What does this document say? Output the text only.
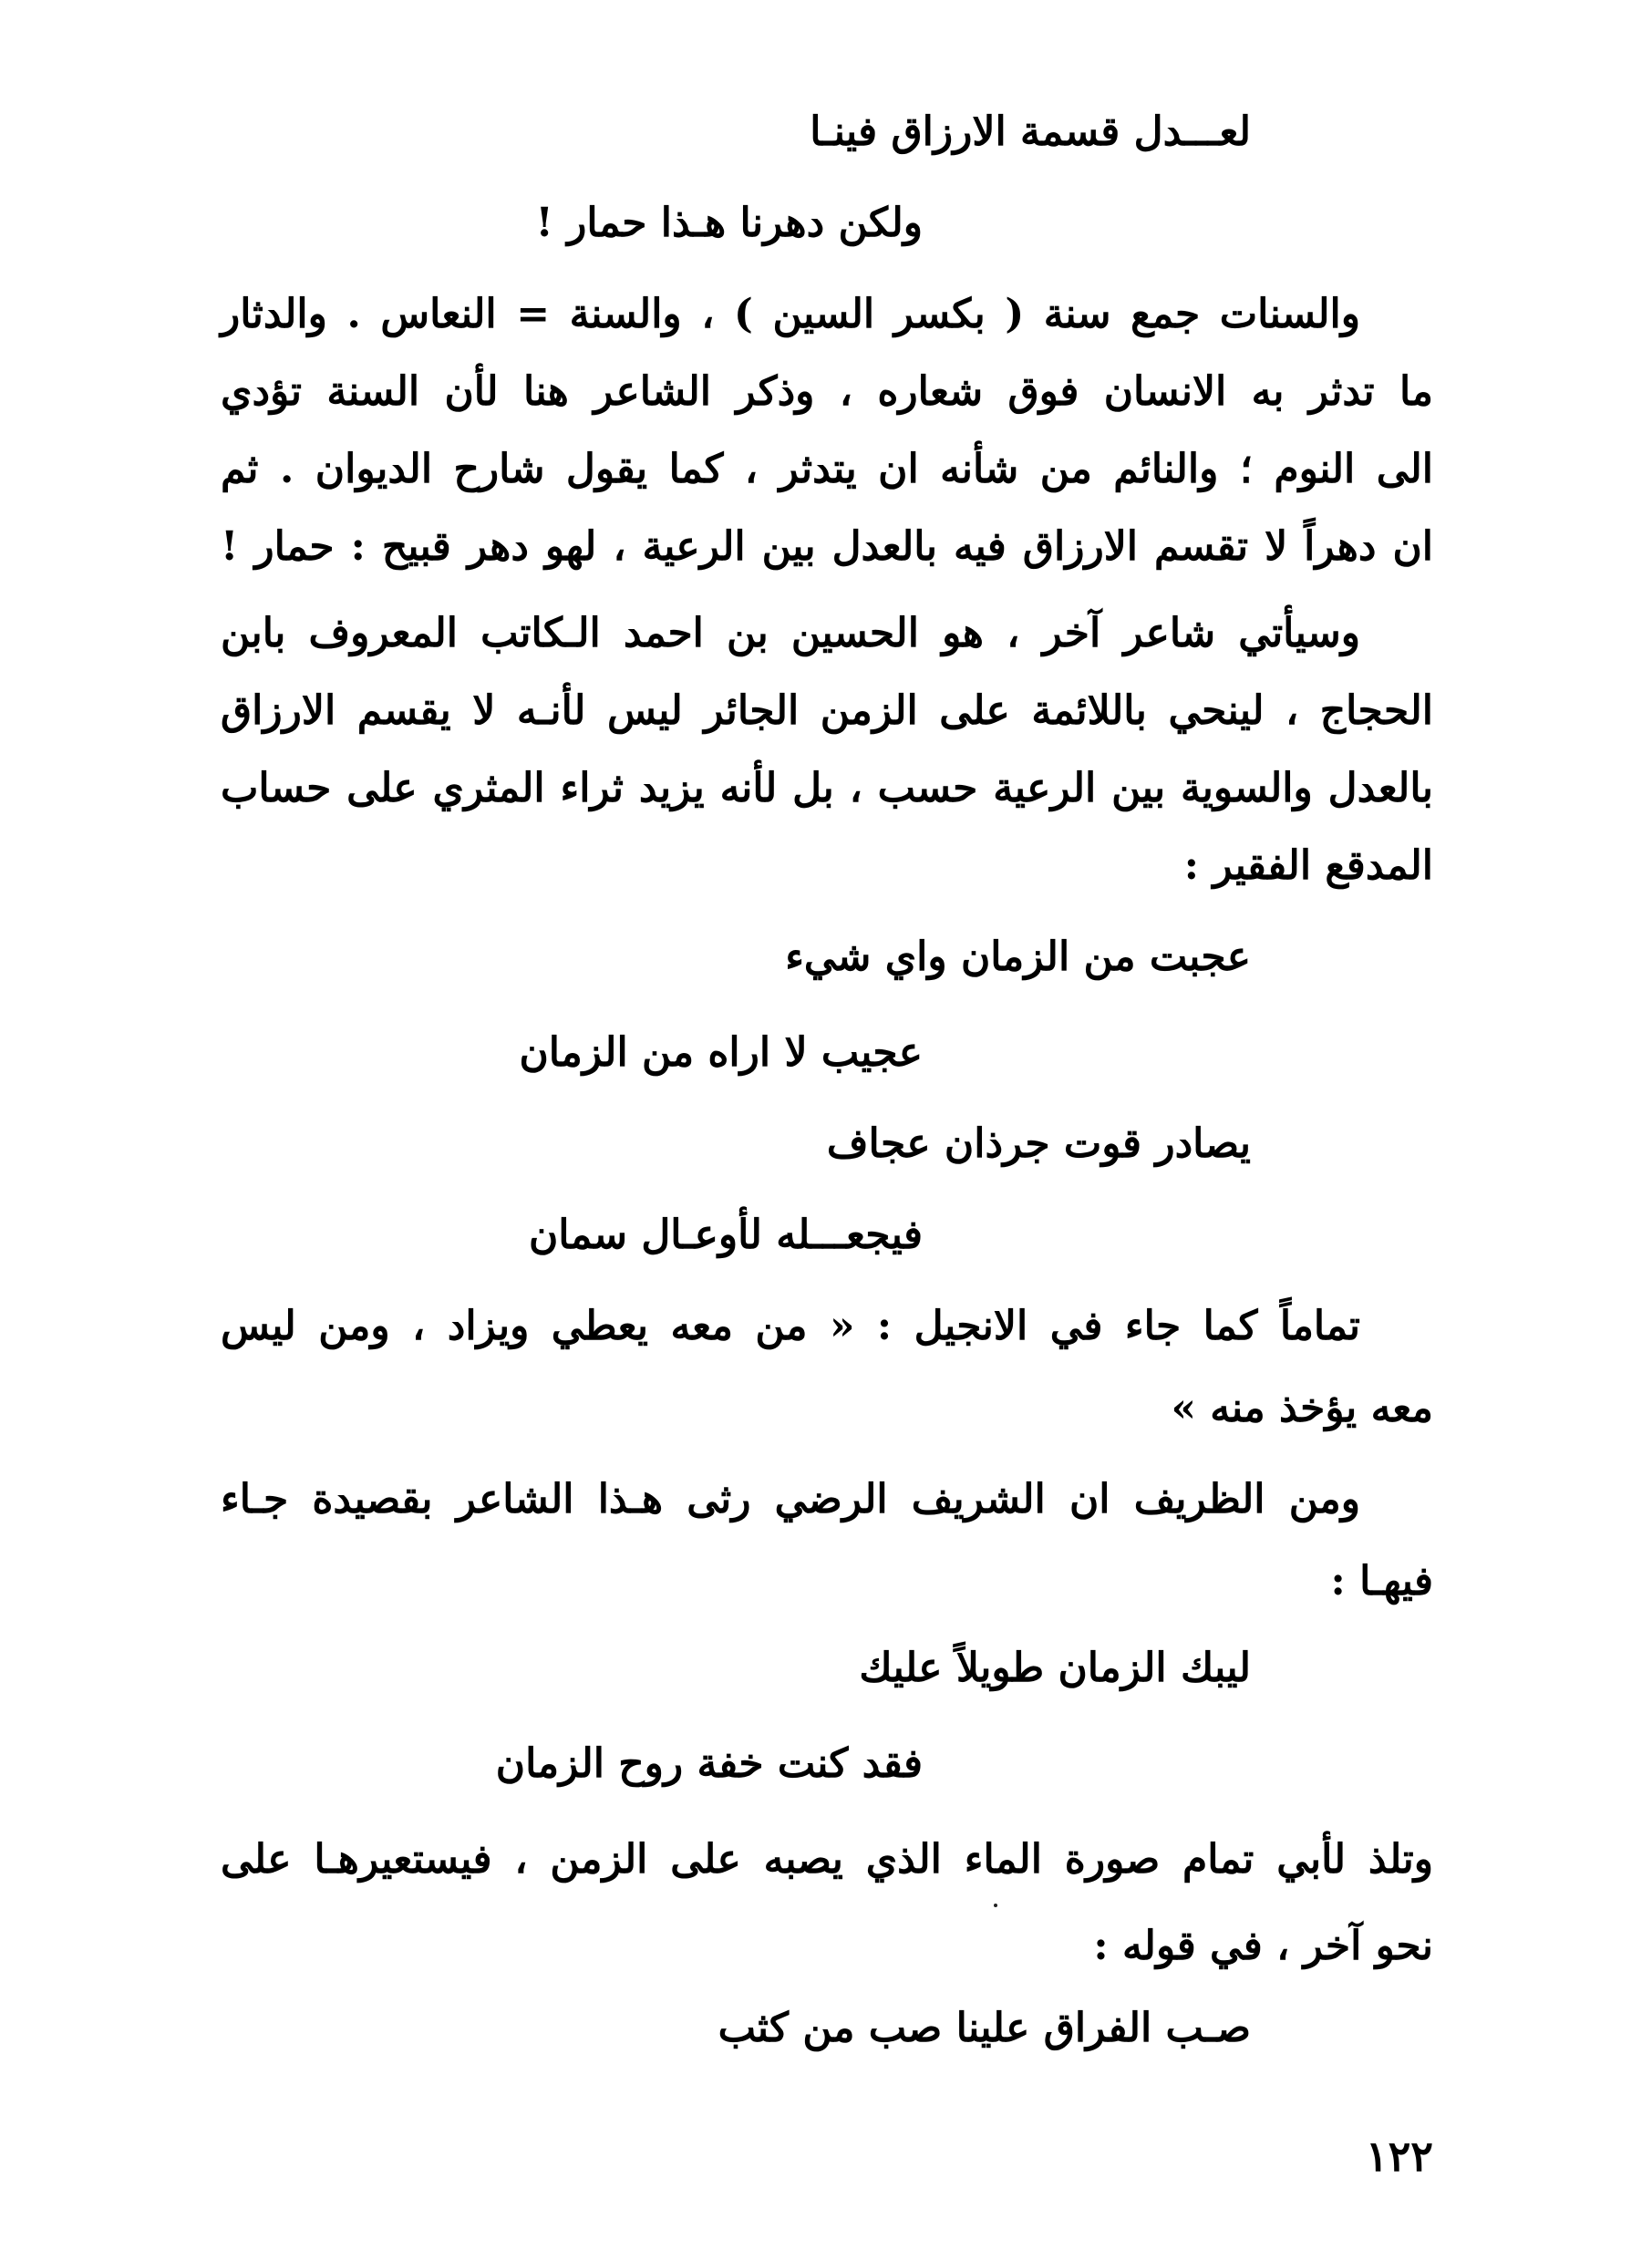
لعـــدل قسمة الارزاق فينـا
ولكن دهرنا هـذا حمار !
والسنات جمع سنة ( بكسر السين ) ، والسنة = النعاس . والدثار
ما تدثر به الانسان فوق شعاره ، وذكر الشاعر هنا لأن السنة تؤدي
الى النوم ؛ والنائم من شأنه ان يتدثر ، كما يقول شارح الديوان . ثم
ان دهراً لا تقسم الارزاق فيه بالعدل بين الرعية ، لهو دهر قبيح : حمار !
وسيأتي شاعر آخر ، هو الحسين بن احمد الـكاتب المعروف بابن
الحجاج ، لينحي باللائمة على الزمن الجائر ليس لأنـه لا يقسم الارزاق
بالعدل والسوية بين الرعية حسب ، بل لأنه يزيد ثراء المثري على حساب
المدقع الفقير :
عجبت من الزمان واي شيء
عجيب لا اراه من الزمان
يصادر قوت جرذان عجاف
فيجعـــله لأوعـال سمان
تماماً كما جاء في الانجيل : « من معه يعطي ويزاد ، ومن ليس
معه يؤخذ منه »
ومن الظريف ان الشريف الرضي رثى هـذا الشاعر بقصيدة جـاء
فيهـا :
ليبك الزمان طويلاً عليك
فقد كنت خفة روح الزمان
وتلذ لأبي تمام صورة الماء الذي يصبه على الزمن ، فيستعيرهـا على
نحو آخر ، في قوله :
صـب الفراق علينا صب من كثب
١٢٢
